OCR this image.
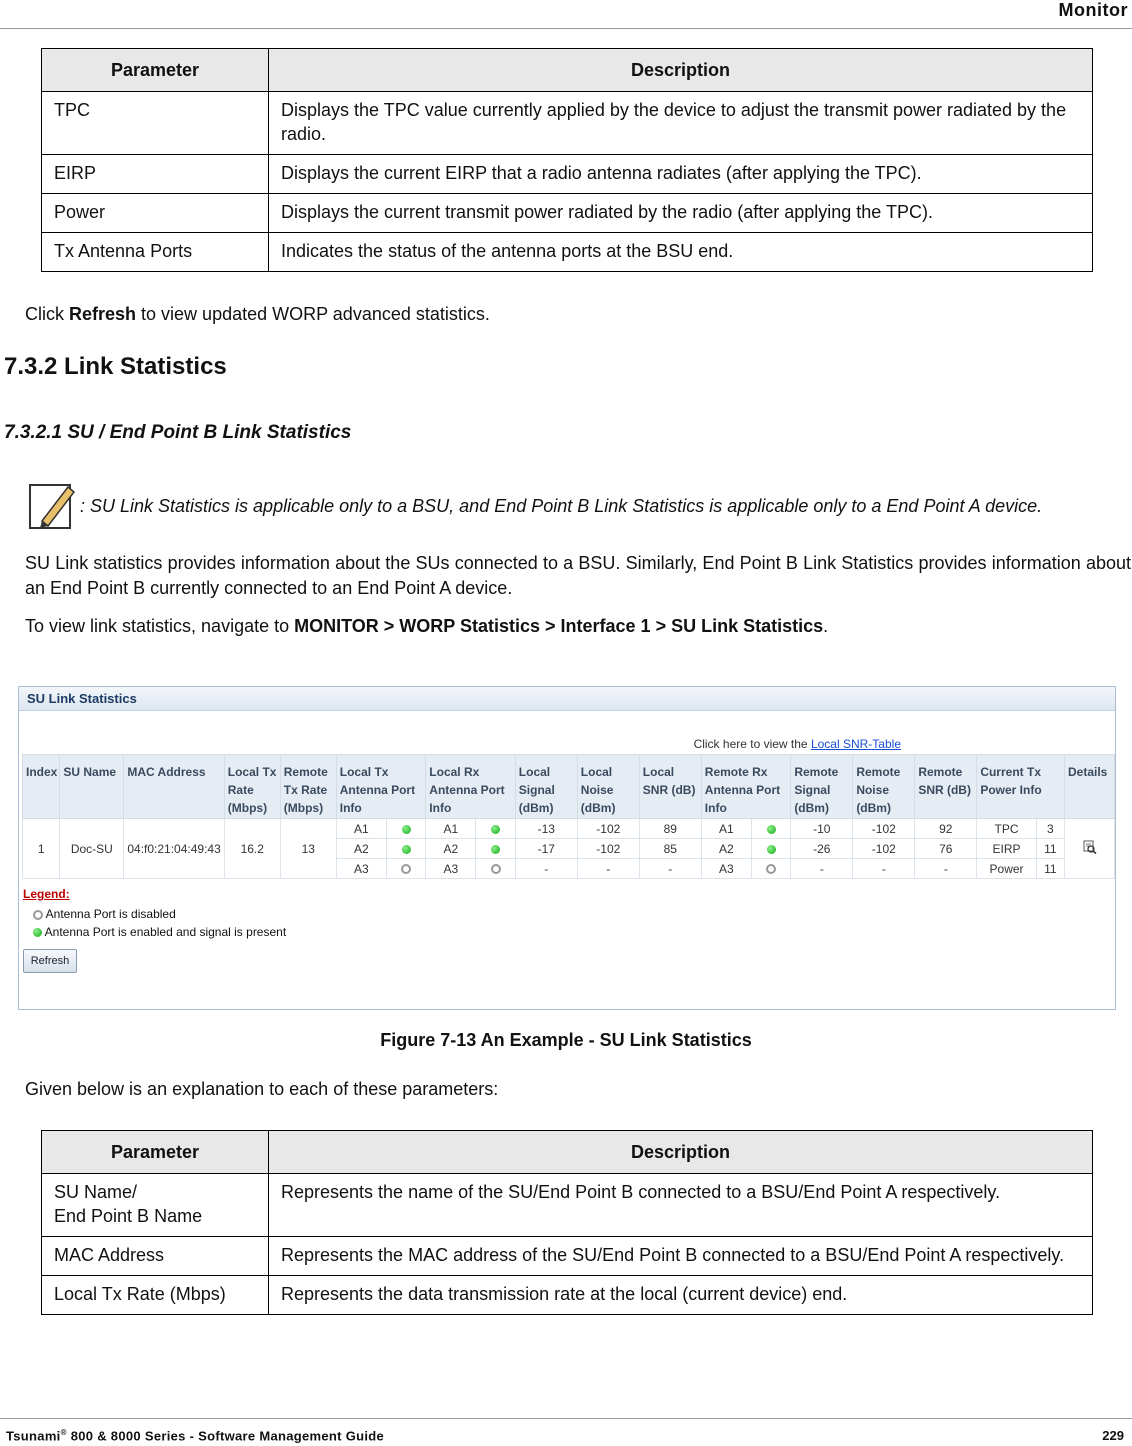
Monitor
Parameter	Description
TPC	Displays the TPC value currently applied by the device to adjust the transmit power radiated by the radio.
EIRP	Displays the current EIRP that a radio antenna radiates (after applying the TPC).
Power	Displays the current transmit power radiated by the radio (after applying the TPC).
Tx Antenna Ports	Indicates the status of the antenna ports at the BSU end.
Click Refresh to view updated WORP advanced statistics.
7.3.2 Link Statistics
7.3.2.1 SU / End Point B Link Statistics
: SU Link Statistics is applicable only to a BSU, and End Point B Link Statistics is applicable only to a End Point A device.
SU Link statistics provides information about the SUs connected to a BSU. Similarly, End Point B Link Statistics provides information about an End Point B currently connected to an End Point A device.
To view link statistics, navigate to MONITOR > WORP Statistics > Interface 1 > SU Link Statistics.
SU Link Statistics
Click here to view the Local SNR-Table
Index	SU Name	MAC Address	Local Tx Rate (Mbps)	Remote Tx Rate (Mbps)	Local Tx Antenna Port Info		Local Rx Antenna Port Info		Local Signal (dBm)	Local Noise (dBm)	Local SNR (dB)	Remote Rx Antenna Port Info		Remote Signal (dBm)	Remote Noise (dBm)	Remote SNR (dB)	Current Tx Power Info		Details
1	Doc-SU	04:f0:21:04:49:43	16.2	13	A1		A1		-13	-102	89	A1		-10	-102	92	TPC	3	
					A2		A2		-17	-102	85	A2		-26	-102	76	EIRP	11	
					A3		A3		-	-	-	A3		-	-	-	Power	11	
Legend:
Antenna Port is disabled
Antenna Port is enabled and signal is present
Refresh
Figure 7-13 An Example - SU Link Statistics
Given below is an explanation to each of these parameters:
Parameter	Description
SU Name/
End Point B Name	Represents the name of the SU/End Point B connected to a BSU/End Point A respectively.
MAC Address	Represents the MAC address of the SU/End Point B connected to a BSU/End Point A respectively.
Local Tx Rate (Mbps)	Represents the data transmission rate at the local (current device) end.
Tsunami® 800 & 8000 Series - Software Management Guide	229
